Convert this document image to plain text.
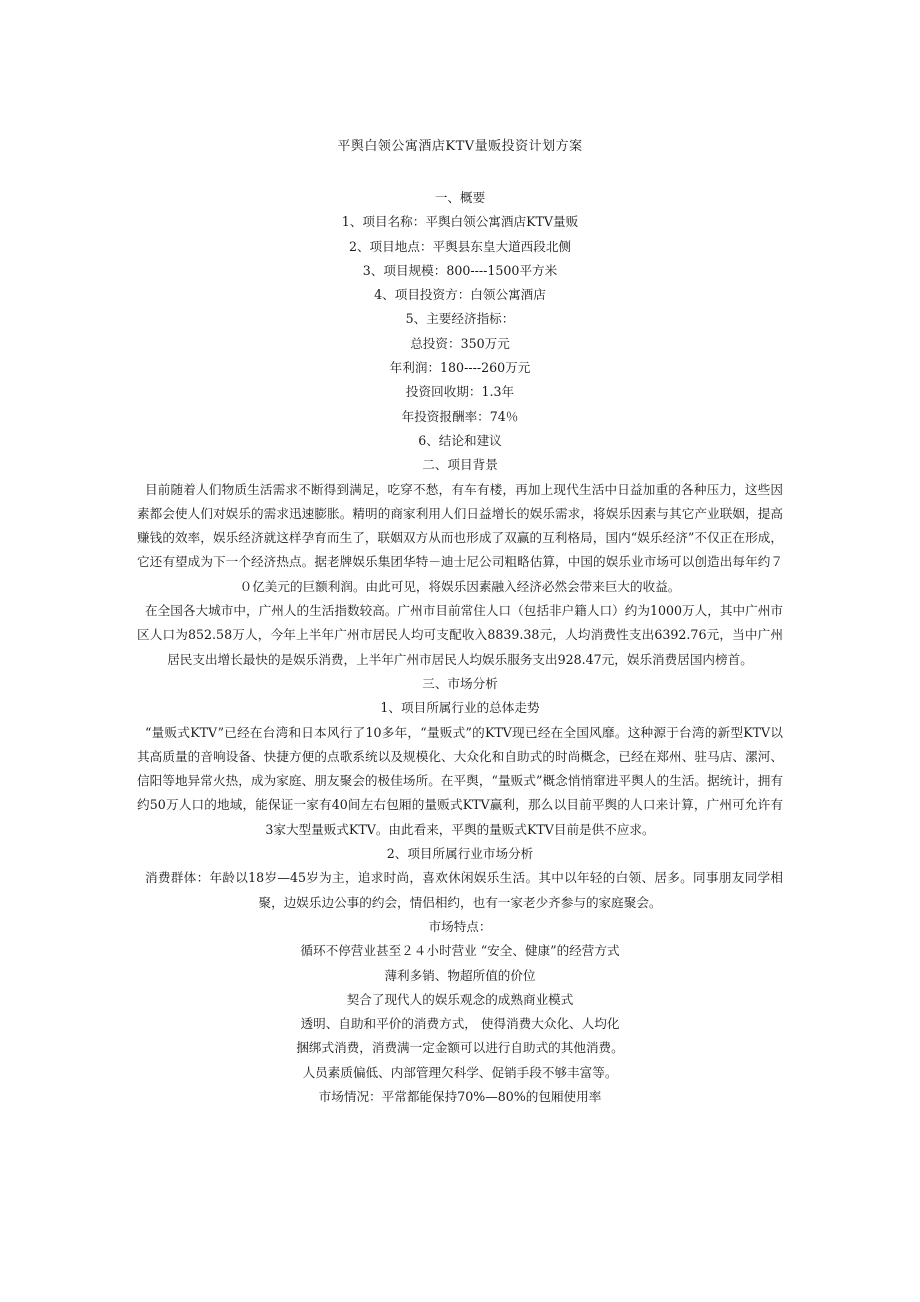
平舆白领公寓酒店KTV量贩投资计划方案

一、概要

1、项目名称：平舆白领公寓酒店KTV量贩

2、项目地点：平舆县东皇大道西段北侧

3、项目规模：800----1500平方米

4、项目投资方：白领公寓酒店

5、主要经济指标：

总投资：350万元

年利润：180----260万元

投资回收期：1.3年

年投资报酬率：74％

6、结论和建议

二、项目背景

目前随着人们物质生活需求不断得到满足，吃穿不愁，有车有楼，再加上现代生活中日益加重的各种压力，这些因素都会使人们对娱乐的需求迅速膨胀。精明的商家利用人们日益增长的娱乐需求，将娱乐因素与其它产业联姻，提高赚钱的效率，娱乐经济就这样孕育而生了，联姻双方从而也形成了双赢的互利格局，国内“娱乐经济”不仅正在形成，它还有望成为下一个经济热点。据老牌娱乐集团华特－迪士尼公司粗略估算，中国的娱乐业市场可以创造出每年约７０亿美元的巨额利润。由此可见，将娱乐因素融入经济必然会带来巨大的收益。

在全国各大城市中，广州人的生活指数较高。广州市目前常住人口（包括非户籍人口）约为1000万人，其中广州市区人口为852.58万人，今年上半年广州市居民人均可支配收入8839.38元，人均消费性支出6392.76元，当中广州居民支出增长最快的是娱乐消费，上半年广州市居民人均娱乐服务支出928.47元，娱乐消费居国内榜首。

三、市场分析

1、项目所属行业的总体走势

“量贩式KTV”已经在台湾和日本风行了10多年，“量贩式”的KTV现已经在全国风靡。这种源于台湾的新型KTV以其高质量的音响设备、快捷方便的点歌系统以及规模化、大众化和自助式的时尚概念，已经在郑州、驻马店、漯河、信阳等地异常火热，成为家庭、朋友聚会的极佳场所。在平舆，“量贩式”概念悄悄窜进平舆人的生活。据统计，拥有约50万人口的地域，能保证一家有40间左右包厢的量贩式KTV赢利，那么以目前平舆的人口来计算，广州可允许有3家大型量贩式KTV。由此看来，平舆的量贩式KTV目前是供不应求。

2、项目所属行业市场分析

消费群体：年龄以18岁—45岁为主，追求时尚，喜欢休闲娱乐生活。其中以年轻的白领、居多。同事朋友同学相聚，边娱乐边公事的约会，情侣相约，也有一家老少齐参与的家庭聚会。

市场特点：

循环不停营业甚至２４小时营业 “安全、健康”的经营方式

薄利多销、物超所值的价位

契合了现代人的娱乐观念的成熟商业模式

透明、自助和平价的消费方式， 使得消费大众化、人均化

捆绑式消费，消费满一定金额可以进行自助式的其他消费。

人员素质偏低、内部管理欠科学、促销手段不够丰富等。

市场情况：平常都能保持70%—80%的包厢使用率
